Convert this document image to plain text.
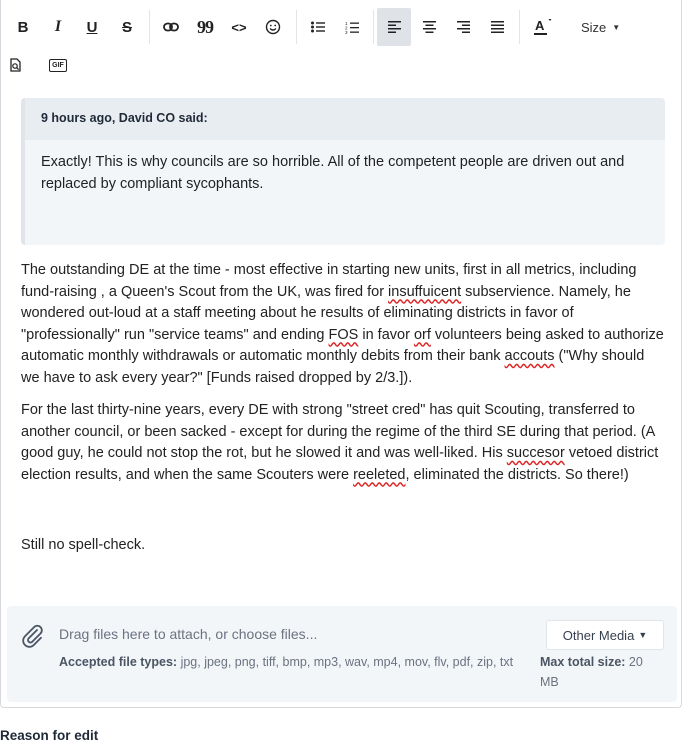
B	I	U	S	99	<>	1
2
3	A	Size ▼
GIF
9 hours ago, David CO said:
Exactly! This is why councils are so horrible. All of the competent people are driven out and replaced by compliant sycophants.

The outstanding DE at the time - most effective in starting new units, first in all metrics, including fund-raising , a Queen's Scout from the UK, was fired for insuffuicent subservience. Namely, he wondered out-loud at a staff meeting about he results of eliminating districts in favor of "professionally" run "service teams" and ending FOS in favor orf volunteers being asked to authorize automatic monthly withdrawals or automatic monthly debits from their bank accouts ("Why should we have to ask every year?" [Funds raised dropped by 2/3.]).

For the last thirty-nine years, every DE with strong "street cred" has quit Scouting, transferred to another council, or been sacked - except for during the regime of the third SE during that period. (A good guy, he could not stop the rot, but he slowed it and was well-liked. His succesor vetoed district election results, and when the same Scouters were reeleted, eliminated the districts. So there!)

Still no spell-check.

Drag files here to attach, or choose files...
Accepted file types: jpg, jpeg, png, tiff, bmp, mp3, wav, mp4, mov, flv, pdf, zip, txt	Max total size: 20 MB
Other Media ▼
Reason for edit
